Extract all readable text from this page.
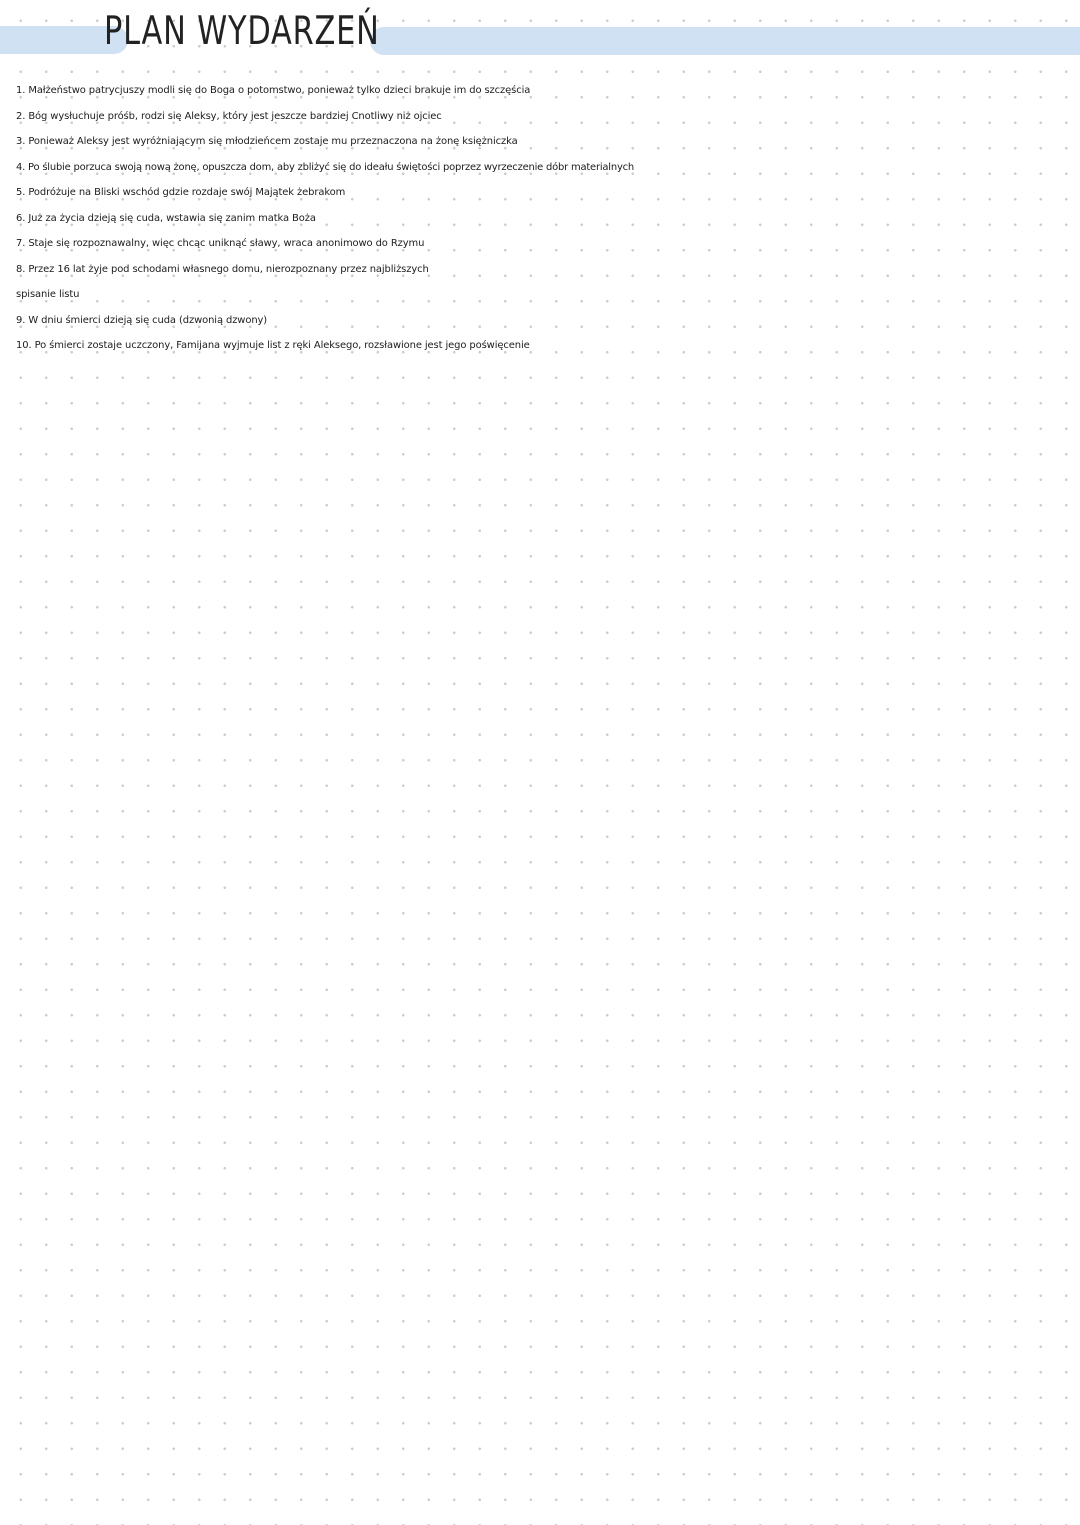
PLAN WYDARZEŃ
1. Małżeństwo patrycjuszy modli się do Boga o potomstwo, ponieważ tylko dzieci brakuje im do szczęścia
2. Bóg wysłuchuje próśb, rodzi się Aleksy, który jest jeszcze bardziej Cnotliwy niż ojciec
3. Ponieważ Aleksy jest wyróżniającym się młodzieńcem zostaje mu przeznaczona na żonę księżniczka
4. Po ślubie porzuca swoją nową żonę, opuszcza dom, aby zbliżyć się do ideału świętości poprzez wyrzeczenie dóbr materialnych
5. Podróżuje na Bliski wschód gdzie rozdaje swój Majątek żebrakom
6. Już za życia dzieją się cuda, wstawia się zanim matka Boża
7. Staje się rozpoznawalny, więc chcąc uniknąć sławy, wraca anonimowo do Rzymu
8. Przez 16 lat żyje pod schodami własnego domu, nierozpoznany przez najbliższych
spisanie listu
9. W dniu śmierci dzieją się cuda (dzwonią dzwony)
10. Po śmierci zostaje uczczony, Famijana wyjmuje list z ręki Aleksego, rozsławione jest jego poświęcenie
